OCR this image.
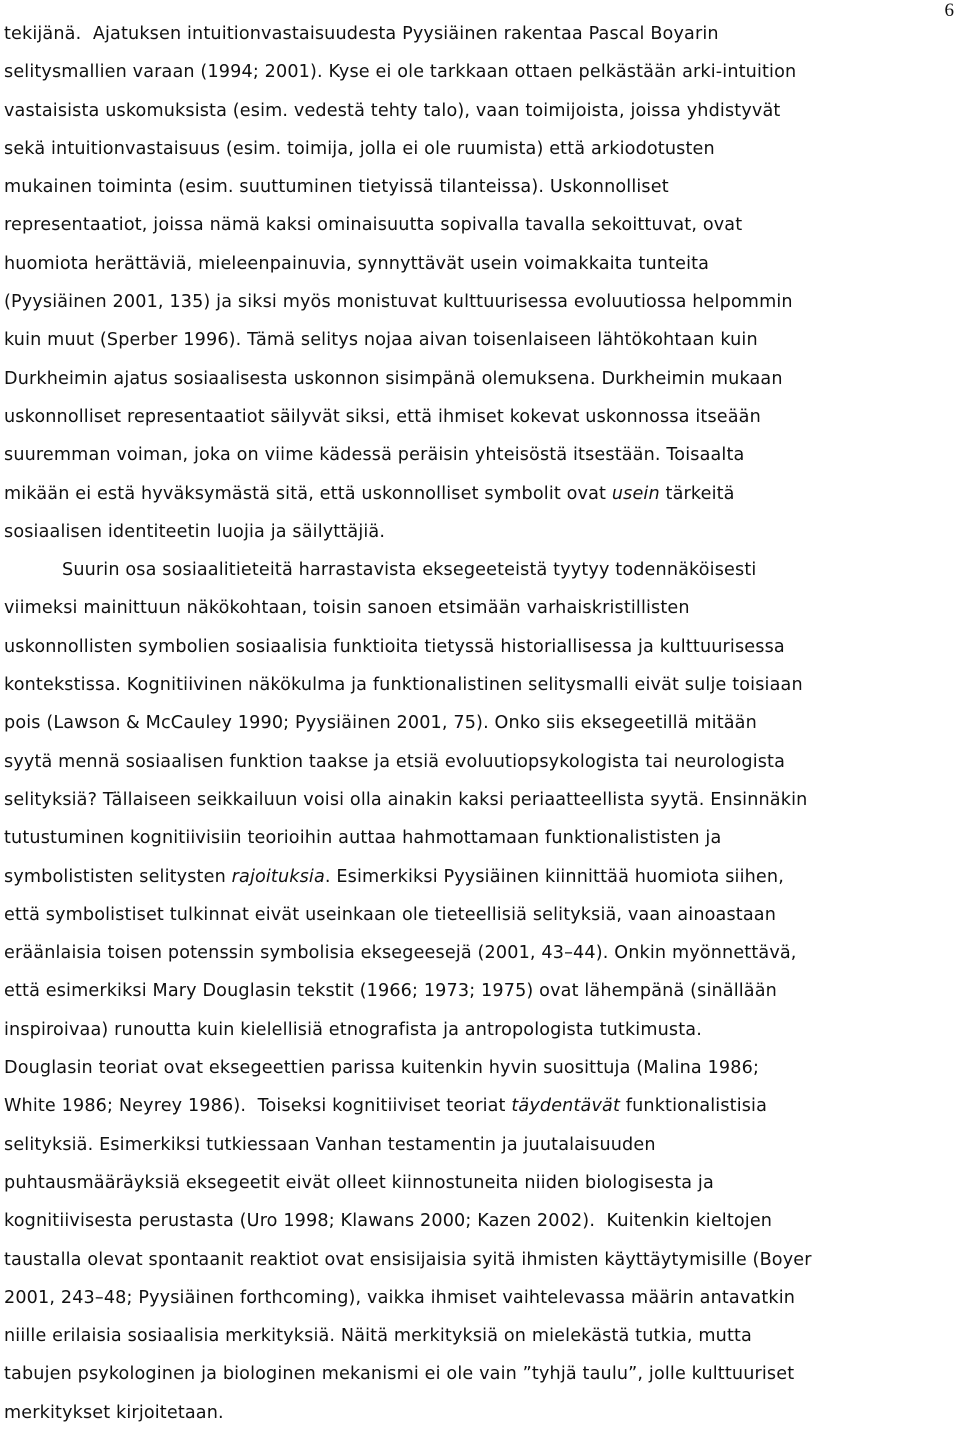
6
tekijänä.  Ajatuksen intuitionvastaisuudesta Pyysiäinen rakentaa Pascal Boyarin
selitysmallien varaan (1994; 2001). Kyse ei ole tarkkaan ottaen pelkästään arki-intuition
vastaisista uskomuksista (esim. vedestä tehty talo), vaan toimijoista, joissa yhdistyvät
sekä intuitionvastaisuus (esim. toimija, jolla ei ole ruumista) että arkiodotusten
mukainen toiminta (esim. suuttuminen tietyissä tilanteissa). Uskonnolliset
representaatiot, joissa nämä kaksi ominaisuutta sopivalla tavalla sekoittuvat, ovat
huomiota herättäviä, mieleenpainuvia, synnyttävät usein voimakkaita tunteita
(Pyysiäinen 2001, 135) ja siksi myös monistuvat kulttuurisessa evoluutiossa helpommin
kuin muut (Sperber 1996). Tämä selitys nojaa aivan toisenlaiseen lähtökohtaan kuin
Durkheimin ajatus sosiaalisesta uskonnon sisimpänä olemuksena. Durkheimin mukaan
uskonnolliset representaatiot säilyvät siksi, että ihmiset kokevat uskonnossa itseään
suuremman voiman, joka on viime kädessä peräisin yhteisöstä itsestään. Toisaalta
mikään ei estä hyväksymästä sitä, että uskonnolliset symbolit ovat usein tärkeitä
sosiaalisen identiteetin luojia ja säilyttäjiä.
Suurin osa sosiaalitieteitä harrastavista eksegeeteistä tyytyy todennäköisesti
viimeksi mainittuun näkökohtaan, toisin sanoen etsimään varhaiskristillisten
uskonnollisten symbolien sosiaalisia funktioita tietyssä historiallisessa ja kulttuurisessa
kontekstissa. Kognitiivinen näkökulma ja funktionalistinen selitysmalli eivät sulje toisiaan
pois (Lawson & McCauley 1990; Pyysiäinen 2001, 75). Onko siis eksegeetillä mitään
syytä mennä sosiaalisen funktion taakse ja etsiä evoluutiopsykologista tai neurologista
selityksiä? Tällaiseen seikkailuun voisi olla ainakin kaksi periaatteellista syytä. Ensinnäkin
tutustuminen kognitiivisiin teorioihin auttaa hahmottamaan funktionalististen ja
symbolististen selitysten rajoituksia. Esimerkiksi Pyysiäinen kiinnittää huomiota siihen,
että symbolistiset tulkinnat eivät useinkaan ole tieteellisiä selityksiä, vaan ainoastaan
eräänlaisia toisen potenssin symbolisia eksegeesejä (2001, 43–44). Onkin myönnettävä,
että esimerkiksi Mary Douglasin tekstit (1966; 1973; 1975) ovat lähempänä (sinällään
inspiroivaa) runoutta kuin kielellisiä etnografista ja antropologista tutkimusta.
Douglasin teoriat ovat eksegeettien parissa kuitenkin hyvin suosittuja (Malina 1986;
White 1986; Neyrey 1986).  Toiseksi kognitiiviset teoriat täydentävät funktionalistisia
selityksiä. Esimerkiksi tutkiessaan Vanhan testamentin ja juutalaisuuden
puhtausmääräyksiä eksegeetit eivät olleet kiinnostuneita niiden biologisesta ja
kognitiivisesta perustasta (Uro 1998; Klawans 2000; Kazen 2002).  Kuitenkin kieltojen
taustalla olevat spontaanit reaktiot ovat ensisijaisia syitä ihmisten käyttäytymisille (Boyer
2001, 243–48; Pyysiäinen forthcoming), vaikka ihmiset vaihtelevassa määrin antavatkin
niille erilaisia sosiaalisia merkityksiä. Näitä merkityksiä on mielekästä tutkia, mutta
tabujen psykologinen ja biologinen mekanismi ei ole vain ”tyhjä taulu”, jolle kulttuuriset
merkitykset kirjoitetaan.
